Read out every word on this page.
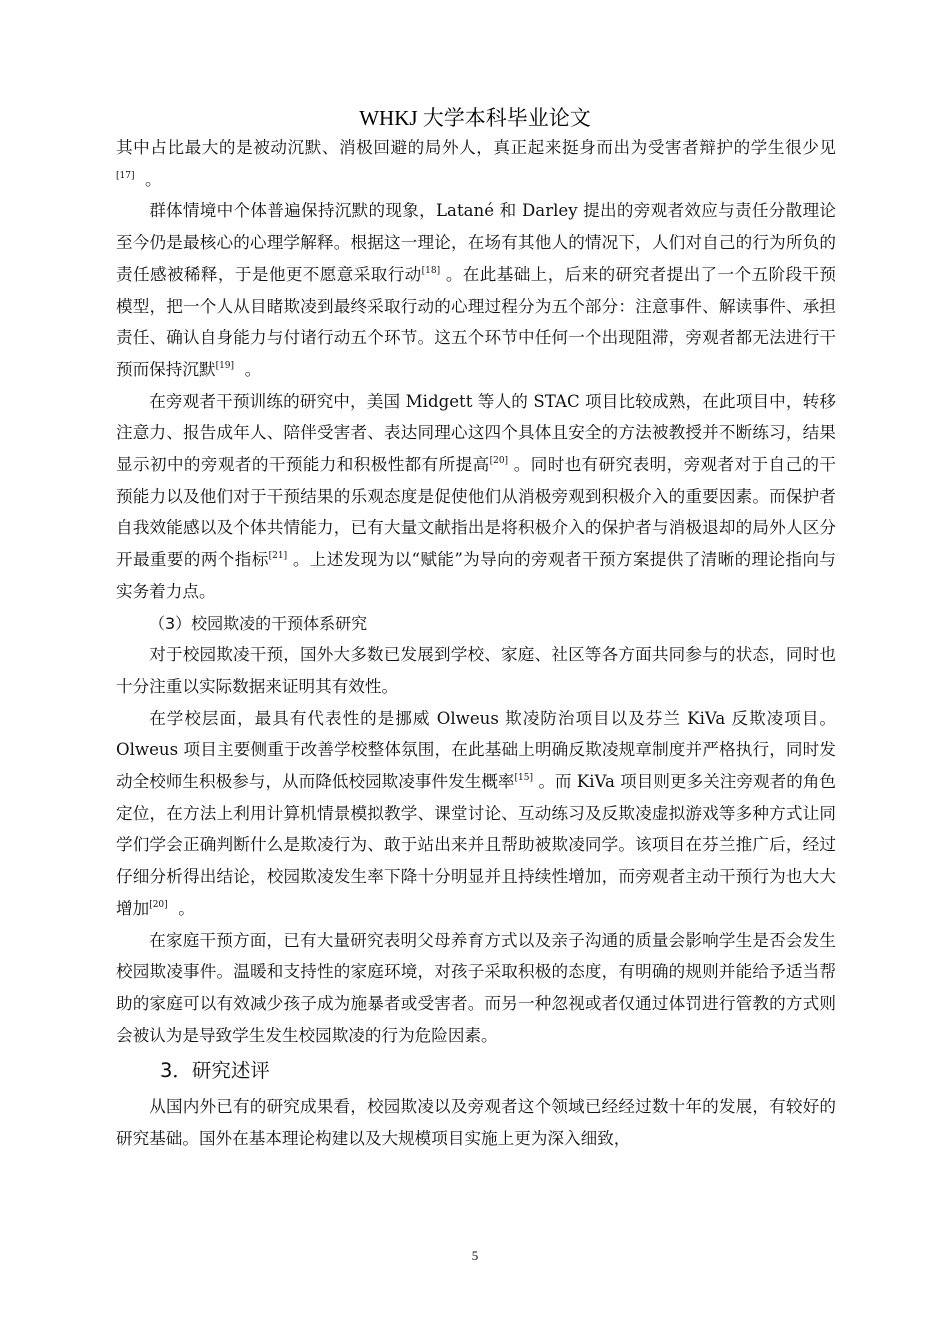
WHKJ 大学本科毕业论文

其中占比最大的是被动沉默、消极回避的局外人，真正起来挺身而出为受害者辩护的学生很少见[17] 。

群体情境中个体普遍保持沉默的现象，Latané 和 Darley 提出的旁观者效应与责任分散理论至今仍是最核心的心理学解释。根据这一理论，在场有其他人的情况下，人们对自己的行为所负的责任感被稀释，于是他更不愿意采取行动[18] 。在此基础上，后来的研究者提出了一个五阶段干预模型，把一个人从目睹欺凌到最终采取行动的心理过程分为五个部分：注意事件、解读事件、承担责任、确认自身能力与付诸行动五个环节。这五个环节中任何一个出现阻滞，旁观者都无法进行干预而保持沉默[19] 。

在旁观者干预训练的研究中，美国 Midgett 等人的 STAC 项目比较成熟，在此项目中，转移注意力、报告成年人、陪伴受害者、表达同理心这四个具体且安全的方法被教授并不断练习，结果显示初中的旁观者的干预能力和积极性都有所提高[20] 。同时也有研究表明，旁观者对于自己的干预能力以及他们对于干预结果的乐观态度是促使他们从消极旁观到积极介入的重要因素。而保护者自我效能感以及个体共情能力，已有大量文献指出是将积极介入的保护者与消极退却的局外人区分开最重要的两个指标[21] 。上述发现为以“赋能”为导向的旁观者干预方案提供了清晰的理论指向与实务着力点。

（3）校园欺凌的干预体系研究

对于校园欺凌干预，国外大多数已发展到学校、家庭、社区等各方面共同参与的状态，同时也十分注重以实际数据来证明其有效性。

在学校层面，最具有代表性的是挪威 Olweus 欺凌防治项目以及芬兰 KiVa 反欺凌项目。Olweus 项目主要侧重于改善学校整体氛围，在此基础上明确反欺凌规章制度并严格执行，同时发动全校师生积极参与，从而降低校园欺凌事件发生概率[15] 。而 KiVa 项目则更多关注旁观者的角色定位，在方法上利用计算机情景模拟教学、课堂讨论、互动练习及反欺凌虚拟游戏等多种方式让同学们学会正确判断什么是欺凌行为、敢于站出来并且帮助被欺凌同学。该项目在芬兰推广后，经过仔细分析得出结论，校园欺凌发生率下降十分明显并且持续性增加，而旁观者主动干预行为也大大增加[20] 。

在家庭干预方面，已有大量研究表明父母养育方式以及亲子沟通的质量会影响学生是否会发生校园欺凌事件。温暖和支持性的家庭环境，对孩子采取积极的态度，有明确的规则并能给予适当帮助的家庭可以有效减少孩子成为施暴者或受害者。而另一种忽视或者仅通过体罚进行管教的方式则会被认为是导致学生发生校园欺凌的行为危险因素。

3．研究述评

从国内外已有的研究成果看，校园欺凌以及旁观者这个领域已经经过数十年的发展，有较好的研究基础。国外在基本理论构建以及大规模项目实施上更为深入细致，

5
